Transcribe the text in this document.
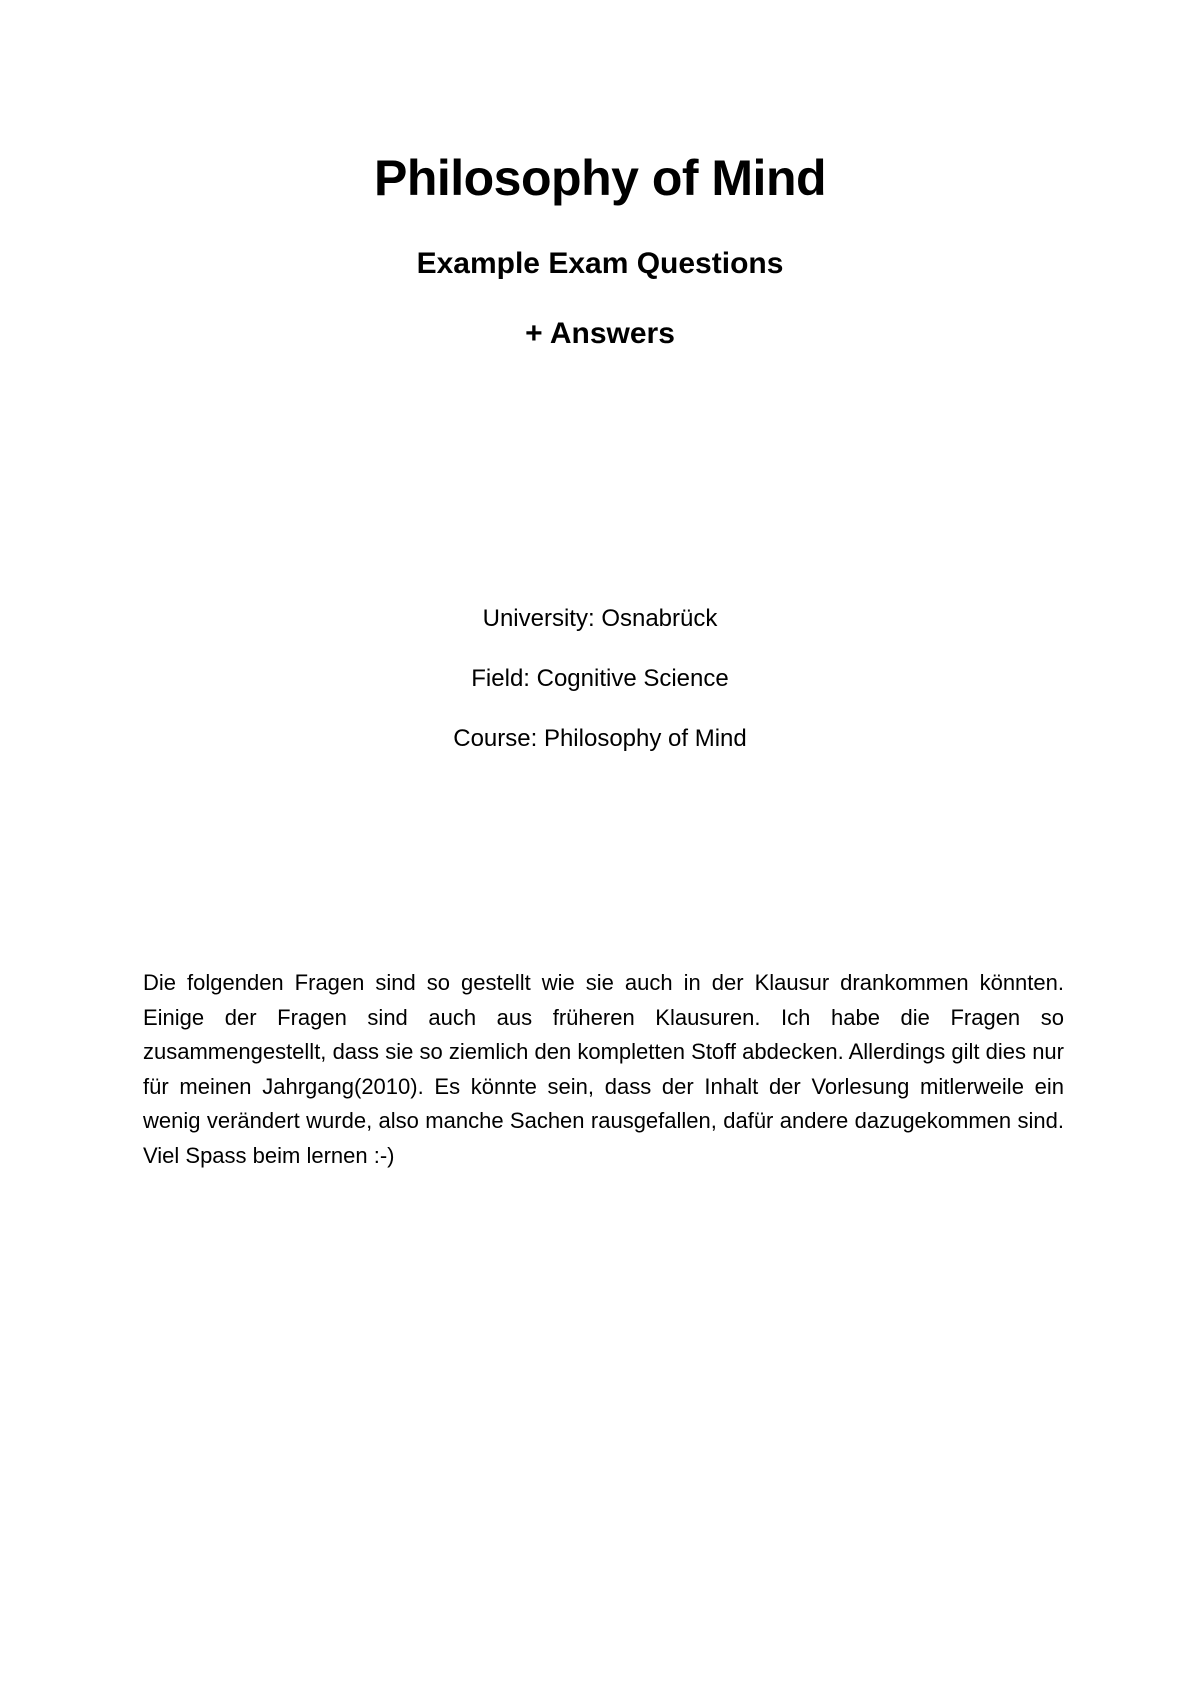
Philosophy of Mind
Example Exam Questions
+ Answers

University: Osnabrück

Field: Cognitive Science

Course: Philosophy of Mind

Die folgenden Fragen sind so gestellt wie sie auch in der Klausur drankommen könnten. Einige der Fragen sind auch aus früheren Klausuren. Ich habe die Fragen so zusammengestellt, dass sie so ziemlich den kompletten Stoff abdecken. Allerdings gilt dies nur für meinen Jahrgang(2010). Es könnte sein, dass der Inhalt der Vorlesung mitlerweile ein wenig verändert wurde, also manche Sachen rausgefallen, dafür andere dazugekommen sind. Viel Spass beim lernen :-)
